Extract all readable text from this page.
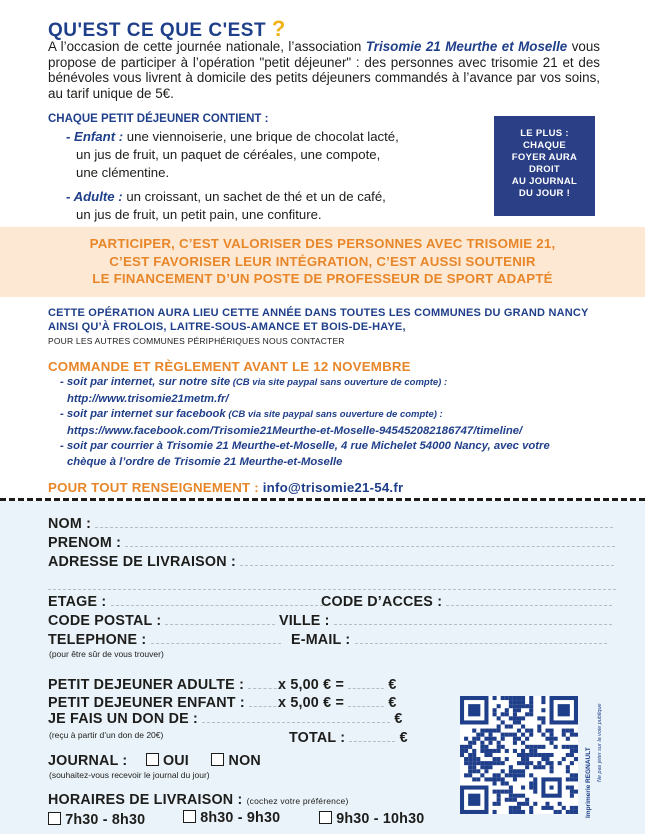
QU'EST CE QUE C'EST ?
A l’occasion de cette journée nationale, l’association Trisomie 21 Meurthe et Moselle vous propose de participer à l’opération "petit déjeuner" : des personnes avec trisomie 21 et des bénévoles vous livrent à domicile des petits déjeuners commandés à l’avance par vos soins, au tarif unique de 5€.
CHAQUE PETIT DÉJEUNER CONTIENT :
- Enfant : une viennoiserie, une brique de chocolat lacté,
un jus de fruit, un paquet de céréales, une compote,
une clémentine.
- Adulte : un croissant, un sachet de thé et un de café,
un jus de fruit, un petit pain, une confiture.
LE PLUS :
CHAQUE
FOYER AURA
DROIT
AU JOURNAL
DU JOUR !
PARTICIPER, C’EST VALORISER DES PERSONNES AVEC TRISOMIE 21,
C’EST FAVORISER LEUR INTÉGRATION, C’EST AUSSI SOUTENIR
LE FINANCEMENT D’UN POSTE DE PROFESSEUR DE SPORT ADAPTÉ
CETTE OPÉRATION AURA LIEU CETTE ANNÉE DANS TOUTES LES COMMUNES DU GRAND NANCY
AINSI QU’À FROLOIS, LAITRE-SOUS-AMANCE ET BOIS-DE-HAYE,
POUR LES AUTRES COMMUNES PÉRIPHÉRIQUES NOUS CONTACTER
COMMANDE ET RÈGLEMENT AVANT LE 12 NOVEMBRE
- soit par internet, sur notre site (CB via site paypal sans ouverture de compte) :
http://www.trisomie21metm.fr/
- soit par internet sur facebook (CB via site paypal sans ouverture de compte) :
https://www.facebook.com/Trisomie21Meurthe-et-Moselle-945452082186747/timeline/
- soit par courrier à Trisomie 21 Meurthe-et-Moselle, 4 rue Michelet 54000 Nancy, avec votre
chèque à l’ordre de Trisomie 21 Meurthe-et-Moselle
POUR TOUT RENSEIGNEMENT : info@trisomie21-54.fr
NOM :
PRENOM :
ADRESSE DE LIVRAISON :
ETAGE :	CODE D’ACCES :
CODE POSTAL :	VILLE :
TELEPHONE :	E-MAIL :
(pour être sûr de vous trouver)
PETIT DEJEUNER ADULTE :	x 5,00 € =	€
PETIT DEJEUNER ENFANT :	x 5,00 € =	€
JE FAIS UN DON DE :	€
(reçu à partir d’un don de 20€)	TOTAL :	€
JOURNAL : OUI	NON
(souhaitez-vous recevoir le journal du jour)
HORAIRES DE LIVRAISON : (cochez votre préférence)
7h30 - 8h30	8h30 - 9h30	9h30 - 10h30
Imprimerie REGNAULT
Ne pas jeter sur la voie publique
